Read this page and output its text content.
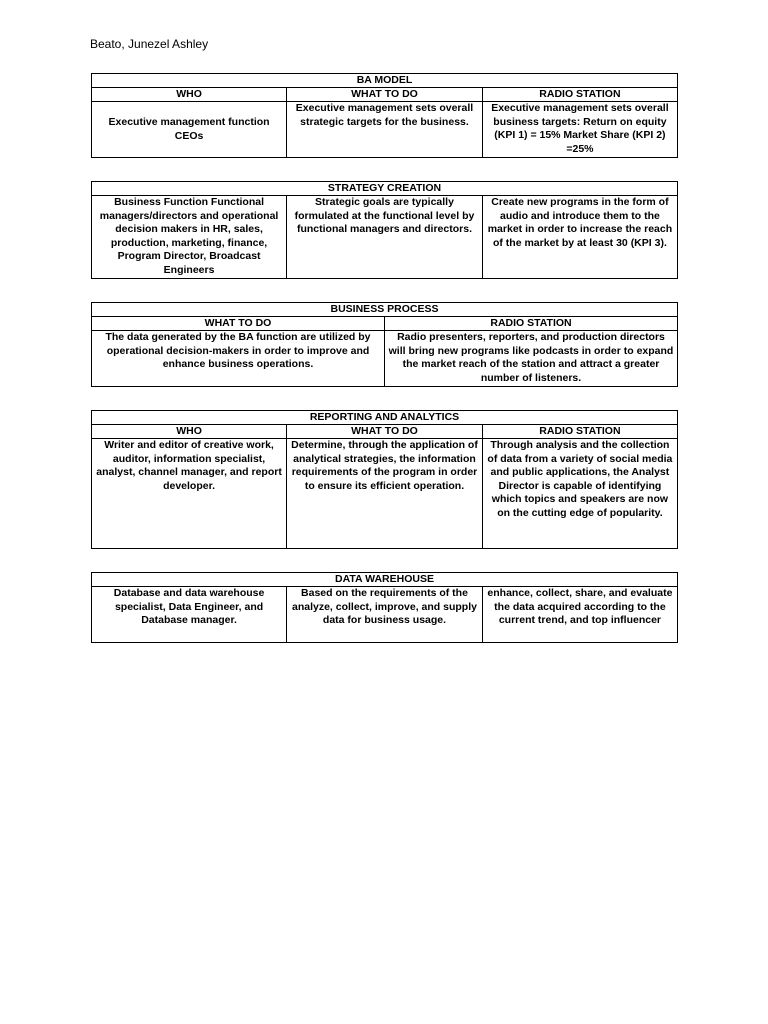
Beato, Junezel Ashley
BA MODEL		
WHO	WHAT TO DO	RADIO STATION
Executive management function CEOs	Executive management sets overall strategic targets for the business.	Executive management sets overall business targets: Return on equity (KPI 1) = 15% Market Share (KPI 2) =25%
STRATEGY CREATION
Business Function Functional managers/directors and operational decision makers in HR, sales, production, marketing, finance, Program Director, Broadcast Engineers	Strategic goals are typically formulated at the functional level by functional managers and directors.	Create new programs in the form of audio and introduce them to the market in order to increase the reach of the market by at least 30 (KPI 3).
BUSINESS PROCESS	
WHAT TO DO	RADIO STATION
The data generated by the BA function are utilized by operational decision-makers in order to improve and enhance business operations.	Radio presenters, reporters, and production directors will bring new programs like podcasts in order to expand the market reach of the station and attract a greater number of listeners.
REPORTING AND ANALYTICS		
WHO	WHAT TO DO	RADIO STATION
Writer and editor of creative work, auditor, information specialist, analyst, channel manager, and report developer.	Determine, through the application of analytical strategies, the information requirements of the program in order to ensure its efficient operation.	Through analysis and the collection of data from a variety of social media and public applications, the Analyst Director is capable of identifying which topics and speakers are now on the cutting edge of popularity.
DATA WAREHOUSE
Database and data warehouse specialist, Data Engineer, and Database manager.	Based on the requirements of the analyze, collect, improve, and supply data for business usage.	enhance, collect, share, and evaluate the data acquired according to the current trend, and top influencer
